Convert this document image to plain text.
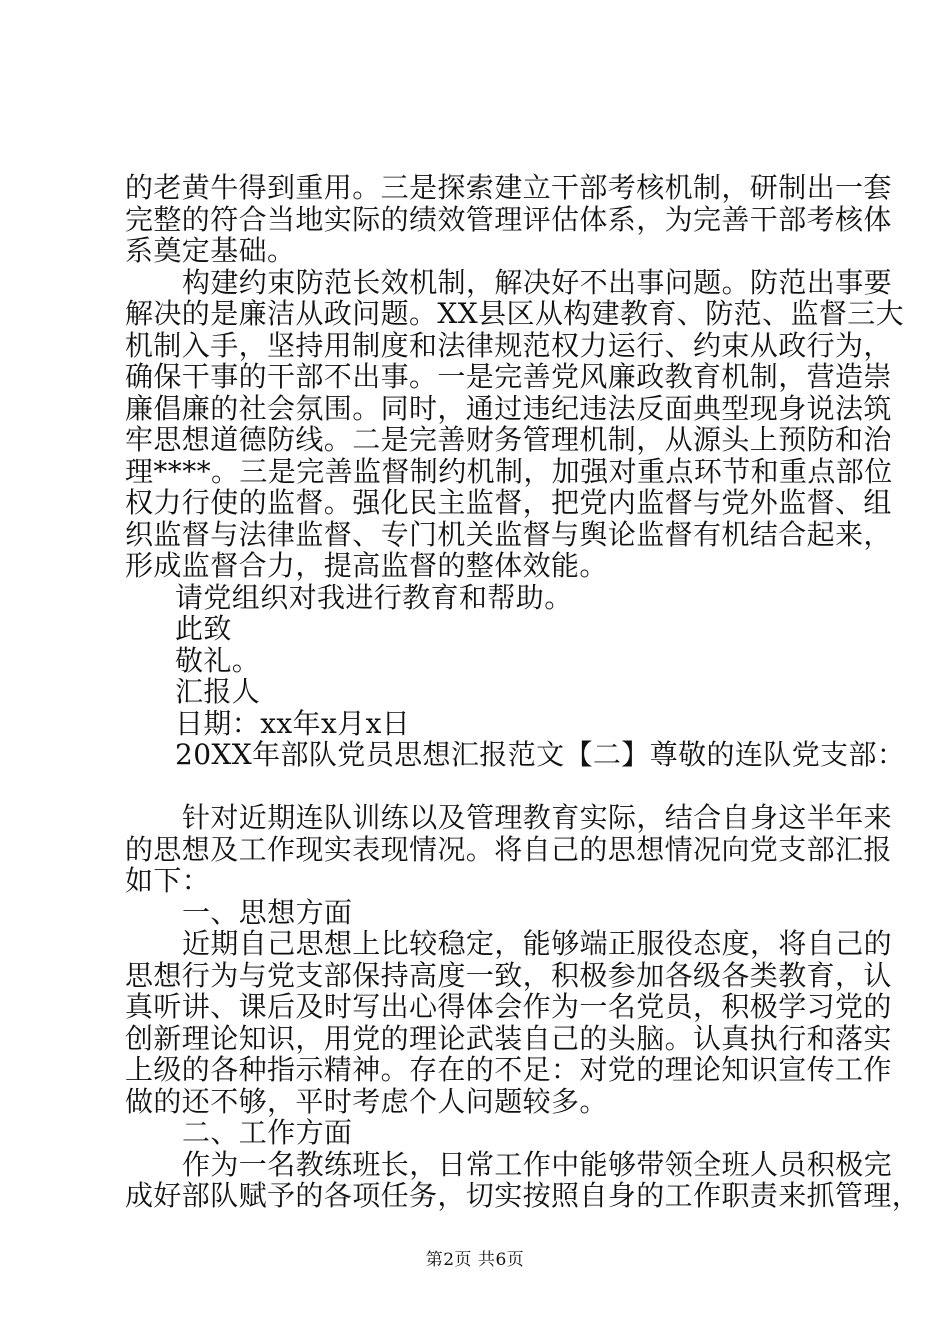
的老黄牛得到重用。三是探索建立干部考核机制，研制出一套
完整的符合当地实际的绩效管理评估体系，为完善干部考核体
系奠定基础。
构建约束防范长效机制，解决好不出事问题。防范出事要
解决的是廉洁从政问题。XX县区从构建教育、防范、监督三大
机制入手，坚持用制度和法律规范权力运行、约束从政行为，
确保干事的干部不出事。一是完善党风廉政教育机制，营造崇
廉倡廉的社会氛围。同时，通过违纪违法反面典型现身说法筑
牢思想道德防线。二是完善财务管理机制，从源头上预防和治
理****。三是完善监督制约机制，加强对重点环节和重点部位
权力行使的监督。强化民主监督，把党内监督与党外监督、组
织监督与法律监督、专门机关监督与舆论监督有机结合起来，
形成监督合力，提高监督的整体效能。
请党组织对我进行教育和帮助。
此致
敬礼。
汇报人
日期：xx年x月x日
20XX年部队党员思想汇报范文【二】尊敬的连队党支部：
针对近期连队训练以及管理教育实际，结合自身这半年来
的思想及工作现实表现情况。将自己的思想情况向党支部汇报
如下：
一、思想方面
近期自己思想上比较稳定，能够端正服役态度，将自己的
思想行为与党支部保持高度一致，积极参加各级各类教育，认
真听讲、课后及时写出心得体会作为一名党员，积极学习党的
创新理论知识，用党的理论武装自己的头脑。认真执行和落实
上级的各种指示精神。存在的不足：对党的理论知识宣传工作
做的还不够，平时考虑个人问题较多。
二、工作方面
作为一名教练班长，日常工作中能够带领全班人员积极完
成好部队赋予的各项任务，切实按照自身的工作职责来抓管理，
第2页 共6页
